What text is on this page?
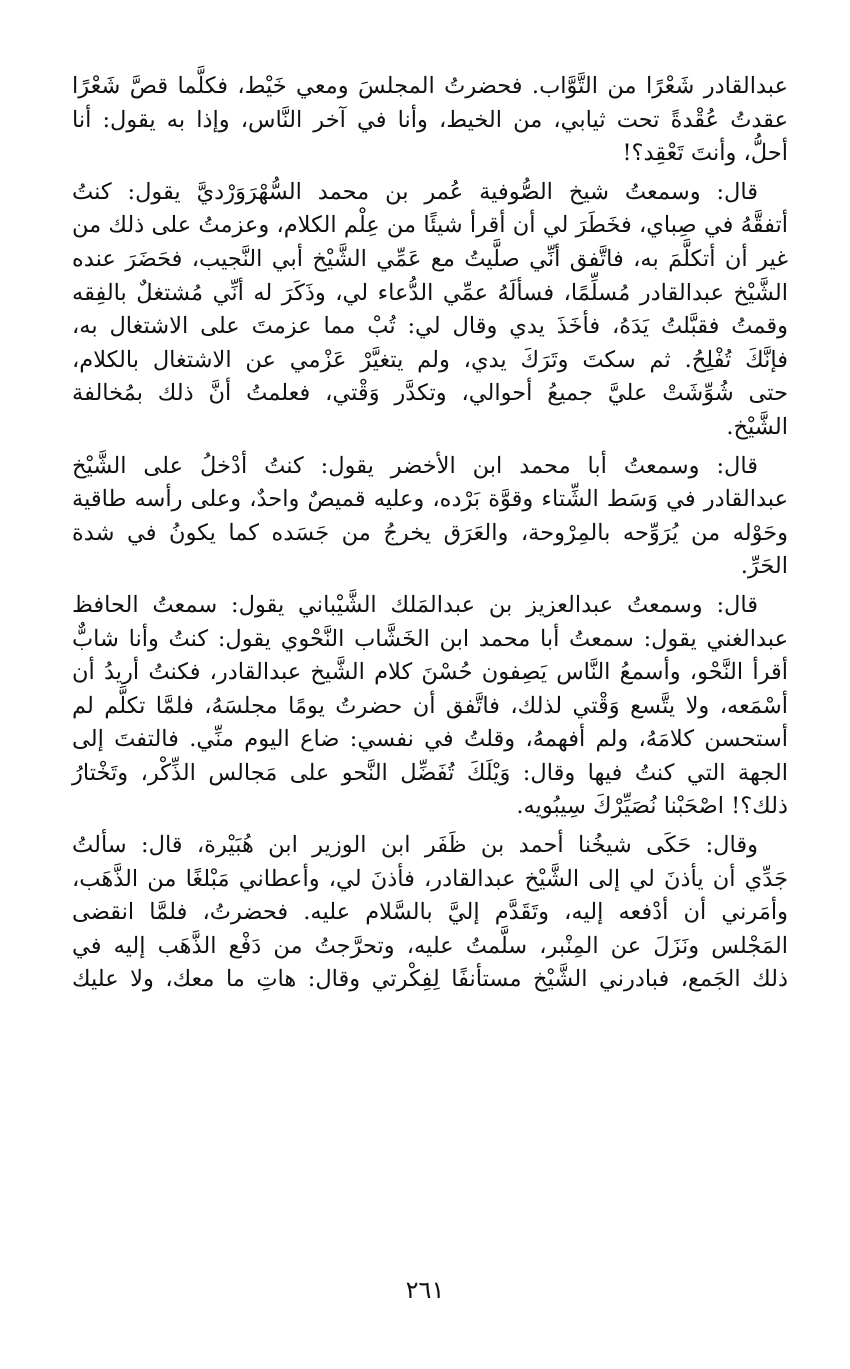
عبدالقادر شَعْرًا من التَّوَّاب. فحضرتُ المجلسَ ومعي خَيْط، فكلَّما قصَّ شَعْرًا
عقدتُ عُقْدةً تحت ثيابي، من الخيط، وأنا في آخر النَّاس، وإذا به يقول: أنا
أحلُّ، وأنتَ تَعْقِد؟!

قال: وسمعتُ شيخ الصُّوفية عُمر بن محمد السُّهْرَوَرْديَّ يقول: كنتُ
أتفقَّهُ في صِباي، فخَطَرَ لي أن أقرأ شيئًا من عِلْم الكلام، وعزمتُ على ذلك من
غير أن أتكلَّمَ به، فاتَّفق أنِّي صلَّيتُ مع عَمِّي الشَّيْخ أبي النَّجيب، فحَضَرَ عنده
الشَّيْخ عبدالقادر مُسلِّمًا، فسألَهُ عمِّي الدُّعاء لي، وذَكَرَ له أنِّي مُشتغلٌ بالفِقه
وقمتُ فقبَّلتُ يَدَهُ، فأخَذَ يدي وقال لي: تُبْ مما عزمتَ على الاشتغال به،
فإنَّكَ تُفْلِحُ. ثم سكتَ وتَرَكَ يدي، ولم يتغيَّرْ عَزْمي عن الاشتغال بالكلام،
حتى شُوِّشَتْ عليَّ جميعُ أحوالي، وتكدَّر وَقْتي، فعلمتُ أنَّ ذلك بمُخالفة
الشَّيْخ.

قال: وسمعتُ أبا محمد ابن الأخضر يقول: كنتُ أدْخلُ على الشَّيْخ
عبدالقادر في وَسَط الشِّتاء وقوَّة بَرْده، وعليه قميصٌ واحدٌ، وعلى رأسه طاقية
وحَوْله من يُرَوِّحه بالمِرْوحة، والعَرَق يخرجُ من جَسَده كما يكونُ في شدة
الحَرِّ.

قال: وسمعتُ عبدالعزيز بن عبدالمَلك الشَّيْباني يقول: سمعتُ الحافظ
عبدالغني يقول: سمعتُ أبا محمد ابن الخَشَّاب النَّحْوي يقول: كنتُ وأنا شابٌّ
أقرأ النَّحْو، وأسمعُ النَّاس يَصِفون حُسْنَ كلام الشَّيخ عبدالقادر، فكنتُ أريدُ أن
أسْمَعه، ولا يتَّسع وَقْتي لذلك، فاتَّفق أن حضرتُ يومًا مجلسَهُ، فلمَّا تكلَّم لم
أستحسن كلامَهُ، ولم أفهمهُ، وقلتُ في نفسي: ضاع اليوم منِّي. فالتفتَ إلى
الجهة التي كنتُ فيها وقال: وَيْلَكَ تُفَضِّل النَّحو على مَجالس الذِّكْر، وتَخْتارُ
ذلك؟! اصْحَبْنا نُصَيِّرْكَ سِيبُويه.

وقال: حَكَى شيخُنا أحمد بن ظَفَر ابن الوزير ابن هُبَيْرة، قال: سألتُ
جَدِّي أن يأذنَ لي إلى الشَّيْخ عبدالقادر، فأذنَ لي، وأعطاني مَبْلغًا من الذَّهَب،
وأمَرني أن أدْفعه إليه، وتَقَدَّم إليَّ بالسَّلام عليه. فحضرتُ، فلمَّا انقضى
المَجْلس ونَزَلَ عن المِنْبر، سلَّمتُ عليه، وتحرَّجتُ من دَفْع الذَّهَب إليه في
ذلك الجَمع، فبادرني الشَّيْخ مستأنفًا لِفِكْرتي وقال: هاتِ ما معك، ولا عليك

٢٦١
